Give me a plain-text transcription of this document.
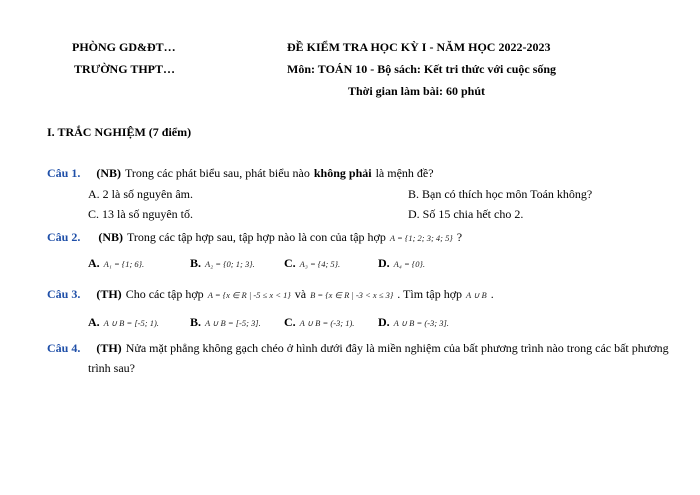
PHÒNG GD&ĐT…
TRƯỜNG THPT…
ĐỀ KIỂM TRA HỌC KỲ I - NĂM HỌC 2022-2023
Môn: TOÁN 10 - Bộ sách: Kết tri thức với cuộc sống
Thời gian làm bài: 60 phút
I. TRẮC NGHIỆM (7 điểm)
Câu 1. (NB) Trong các phát biểu sau, phát biểu nào không phải là mệnh đề?
A. 2 là số nguyên âm.	B. Bạn có thích học môn Toán không?
C. 13 là số nguyên tố.	D. Số 15 chia hết cho 2.
Câu 2. (NB) Trong các tập hợp sau, tập hợp nào là con của tập hợp A = {1; 2; 3; 4; 5} ?
A. A₁ = {1; 6}.	B. A₂ = {0; 1; 3}. C. A₃ = {4; 5}.	D. A₄ = {0}.
Câu 3. (TH) Cho các tập hợp A = {x ∈ R | -5 ≤ x < 1} và B = {x ∈ R | -3 < x ≤ 3} . Tìm tập hợp A ∪ B .
A. A ∪ B = [-5; 1).	B. A ∪ B = [-5; 3]. C. A ∪ B = (-3; 1). D. A ∪ B = (-3; 3].
Câu 4. (TH) Nửa mặt phẳng không gạch chéo ở hình dưới đây là miền nghiệm của bất phương trình nào trong các bất phương
trình sau?
